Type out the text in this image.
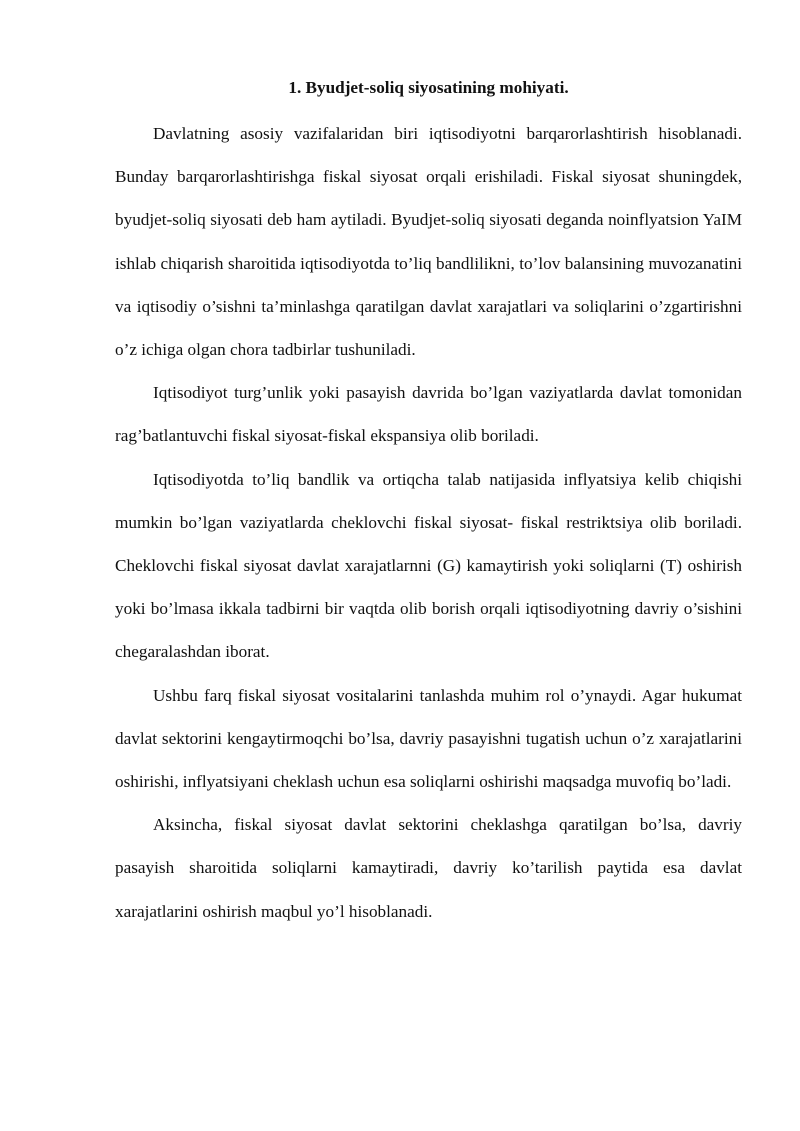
1. Byudjet-soliq siyosatining mohiyati.

Davlatning asosiy vazifalaridan biri iqtisodiyotni barqarorlashtirish hisoblanadi. Bunday barqarorlashtirishga fiskal siyosat orqali erishiladi. Fiskal siyosat shuningdek, byudjet-soliq siyosati deb ham aytiladi. Byudjet-soliq siyosati deganda noinflyatsion YaIM ishlab chiqarish sharoitida iqtisodiyotda to’liq bandlilikni, to’lov balansining muvozanatini va iqtisodiy o’sishni ta’minlashga qaratilgan davlat xarajatlari va soliqlarini o’zgartirishni o’z ichiga olgan chora tadbirlar tushuniladi.

Iqtisodiyot turg’unlik yoki pasayish davrida bo’lgan vaziyatlarda davlat tomonidan rag’batlantuvchi fiskal siyosat-fiskal ekspansiya olib boriladi.

Iqtisodiyotda to’liq bandlik va ortiqcha talab natijasida inflyatsiya kelib chiqishi mumkin bo’lgan vaziyatlarda cheklovchi fiskal siyosat- fiskal restriktsiya olib boriladi. Cheklovchi fiskal siyosat davlat xarajatlarnni (G) kamaytirish yoki soliqlarni (T) oshirish yoki bo’lmasa ikkala tadbirni bir vaqtda olib borish orqali iqtisodiyotning davriy o’sishini chegaralashdan iborat.

Ushbu farq fiskal siyosat vositalarini tanlashda muhim rol o’ynaydi. Agar hukumat davlat sektorini kengaytirmoqchi bo’lsa, davriy pasayishni tugatish uchun o’z xarajatlarini oshirishi, inflyatsiyani cheklash uchun esa soliqlarni oshirishi maqsadga muvofiq bo’ladi.

Aksincha, fiskal siyosat davlat sektorini cheklashga qaratilgan bo’lsa, davriy pasayish sharoitida soliqlarni kamaytiradi, davriy ko’tarilish paytida esa davlat xarajatlarini oshirish maqbul yo’l hisoblanadi.
